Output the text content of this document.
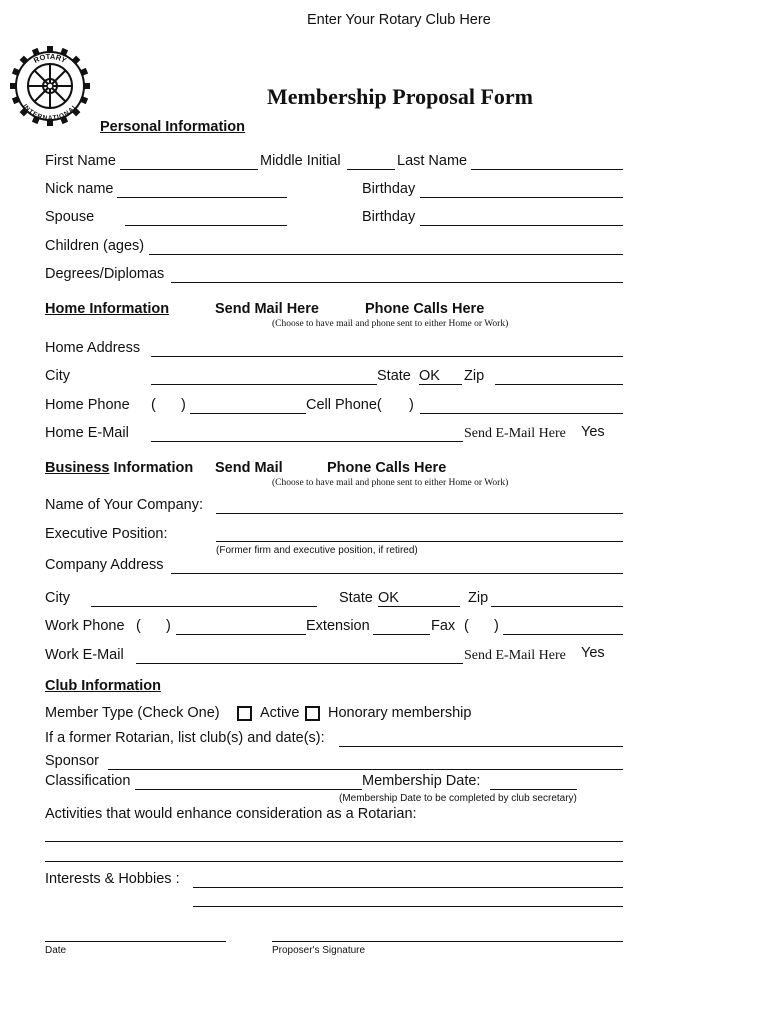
Enter Your Rotary Club Here
ROTARY
INTERNATIONAL	Membership Proposal Form
Personal Information
First Name	Middle Initial	Last Name
Nick name	Birthday
Spouse	Birthday
Children (ages)
Degrees/Diplomas
Home Information	Send Mail Here	Phone Calls Here
(Choose to have mail and phone sent to either Home or Work)
Home Address
City	State OK	Zip
Home Phone ( )	Cell Phone( )
Home E-Mail	Send E-Mail Here Yes
Business Information Send Mail	Phone Calls Here
(Choose to have mail and phone sent to either Home or Work)
Name of Your Company:
Executive Position:
(Former firm and executive position, if retired)
Company Address
City	State OK	Zip
Work Phone ( )	Extension	Fax ( )
Work E-Mail	Send E-Mail Here Yes
Club Information
Member Type (Check One)	Active Honorary membership
If a former Rotarian, list club(s) and date(s):
Sponsor
Classification	Membership Date:
(Membership Date to be completed by club secretary)
Activities that would enhance consideration as a Rotarian:
Interests & Hobbies :
Date	Proposer's Signature
